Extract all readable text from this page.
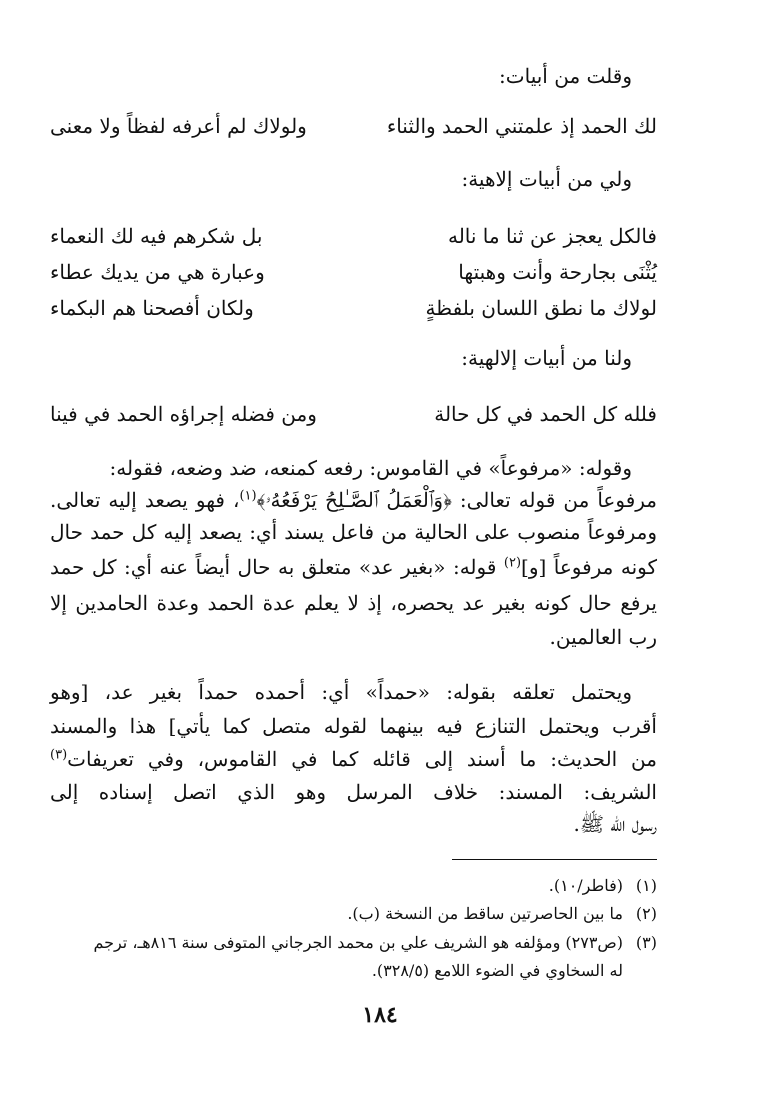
وقلت من أبيات:
لك الحمد إذ علمتني الحمد والثناء
ولولاك لم أعرفه لفظاً ولا معنى
ولي من أبيات إلاهية:
فالكل يعجز عن ثنا ما ناله
بل شكرهم فيه لك النعماء
يُثْنَى بجارحة وأنت وهبتها
وعبارة هي من يديك عطاء
لولاك ما نطق اللسان بلفظةٍ
ولكان أفصحنا هم البكماء
ولنا من أبيات إلالهية:
فلله كل الحمد في كل حالة
ومن فضله إجراؤه الحمد في فينا
وقوله: «مرفوعاً» في القاموس: رفعه كمنعه، ضد وضعه، فقوله:
مرفوعاً من قوله تعالى: ﴿وَٱلْعَمَلُ ٱلصَّـٰلِحُ يَرْفَعُهُۥ﴾$^{(١)}$، فهو يصعد إليه تعالى.
ومرفوعاً منصوب على الحالية من فاعل يسند أي: يصعد إليه كل حمد حال
كونه مرفوعاً [و]$^{(٢)}$ قوله: «بغير عد» متعلق به حال أيضاً عنه أي: كل حمد
يرفع حال كونه بغير عد يحصره، إذ لا يعلم عدة الحمد وعدة الحامدين إلا
رب العالمين.
ويحتمل تعلقه بقوله: «حمداً» أي: أحمده حمداً بغير عد، [وهو
أقرب ويحتمل التنازع فيه بينهما لقوله متصل كما يأتي] هذا والمسند
من الحديث: ما أسند إلى قائله كما في القاموس، وفي تعريفات$^{(٣)}$
الشريف: المسند: خلاف المرسل وهو الذي اتصل إسناده إلى
رسول الله ﷺ.
(١)(فاطر/١٠).
(٢)ما بين الحاصرتين ساقط من النسخة (ب).
(٣)(ص٢٧٣) ومؤلفه هو الشريف علي بن محمد الجرجاني المتوفى سنة ٨١٦هـ، ترجم
له السخاوي في الضوء اللامع (٣٢٨/٥).
١٨٤
